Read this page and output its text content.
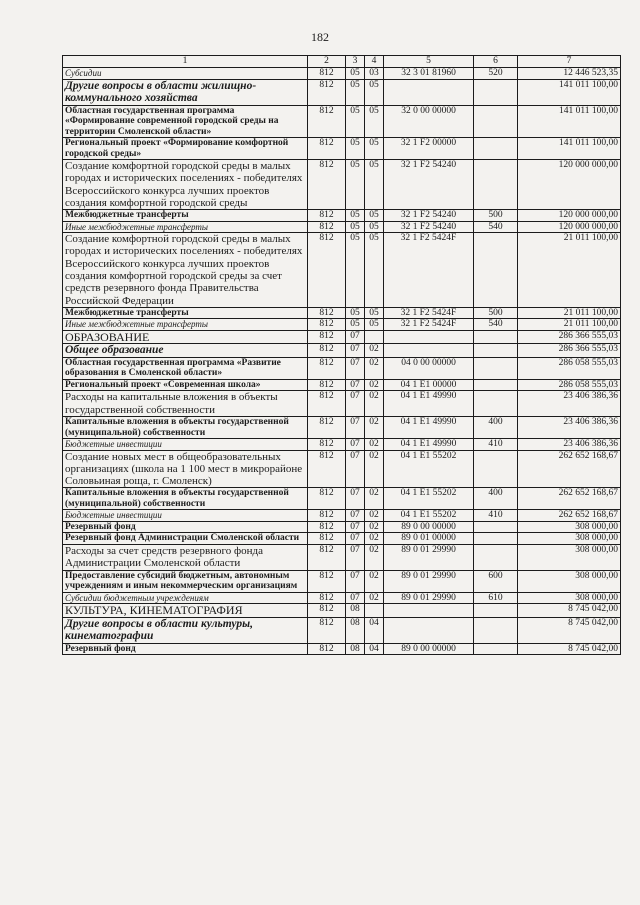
182
1	2	3	4	5	6	7
Субсидии	812	05	03	32 3 01 81960	520	12 446 523,35
Другие вопросы в области жилищно-коммунального хозяйства	812	05	05			141 011 100,00
Областная государственная программа «Формирование современной городской среды на территории Смоленской области»	812	05	05	32 0 00 00000		141 011 100,00
Региональный проект «Формирование комфортной городской среды»	812	05	05	32 1 F2 00000		141 011 100,00
Создание комфортной городской среды в малых городах и исторических поселениях - победителях Всероссийского конкурса лучших проектов создания комфортной городской среды	812	05	05	32 1 F2 54240		120 000 000,00
Межбюджетные трансферты	812	05	05	32 1 F2 54240	500	120 000 000,00
Иные межбюджетные трансферты	812	05	05	32 1 F2 54240	540	120 000 000,00
Создание комфортной городской среды в малых городах и исторических поселениях - победителях Всероссийского конкурса лучших проектов создания комфортной городской среды за счет средств резервного фонда Правительства Российской Федерации	812	05	05	32 1 F2 5424F		21 011 100,00
Межбюджетные трансферты	812	05	05	32 1 F2 5424F	500	21 011 100,00
Иные межбюджетные трансферты	812	05	05	32 1 F2 5424F	540	21 011 100,00
ОБРАЗОВАНИЕ	812	07				286 366 555,03
Общее образование	812	07	02			286 366 555,03
Областная государственная программа «Развитие образования в Смоленской области»	812	07	02	04 0 00 00000		286 058 555,03
Региональный проект «Современная школа»	812	07	02	04 1 E1 00000		286 058 555,03
Расходы на капитальные вложения в объекты государственной собственности	812	07	02	04 1 E1 49990		23 406 386,36
Капитальные вложения в объекты государственной (муниципальной) собственности	812	07	02	04 1 E1 49990	400	23 406 386,36
Бюджетные инвестиции	812	07	02	04 1 E1 49990	410	23 406 386,36
Создание новых мест в общеобразовательных организациях (школа на 1 100 мест в микрорайоне Соловьиная роща, г. Смоленск)	812	07	02	04 1 E1 55202		262 652 168,67
Капитальные вложения в объекты государственной (муниципальной) собственности	812	07	02	04 1 E1 55202	400	262 652 168,67
Бюджетные инвестиции	812	07	02	04 1 E1 55202	410	262 652 168,67
Резервный фонд	812	07	02	89 0 00 00000		308 000,00
Резервный фонд Администрации Смоленской области	812	07	02	89 0 01 00000		308 000,00
Расходы за счет средств резервного фонда Администрации Смоленской области	812	07	02	89 0 01 29990		308 000,00
Предоставление субсидий бюджетным, автономным учреждениям и иным некоммерческим организациям	812	07	02	89 0 01 29990	600	308 000,00
Субсидии бюджетным учреждениям	812	07	02	89 0 01 29990	610	308 000,00
КУЛЬТУРА, КИНЕМАТОГРАФИЯ	812	08				8 745 042,00
Другие вопросы в области культуры, кинематографии	812	08	04			8 745 042,00
Резервный фонд	812	08	04	89 0 00 00000		8 745 042,00
